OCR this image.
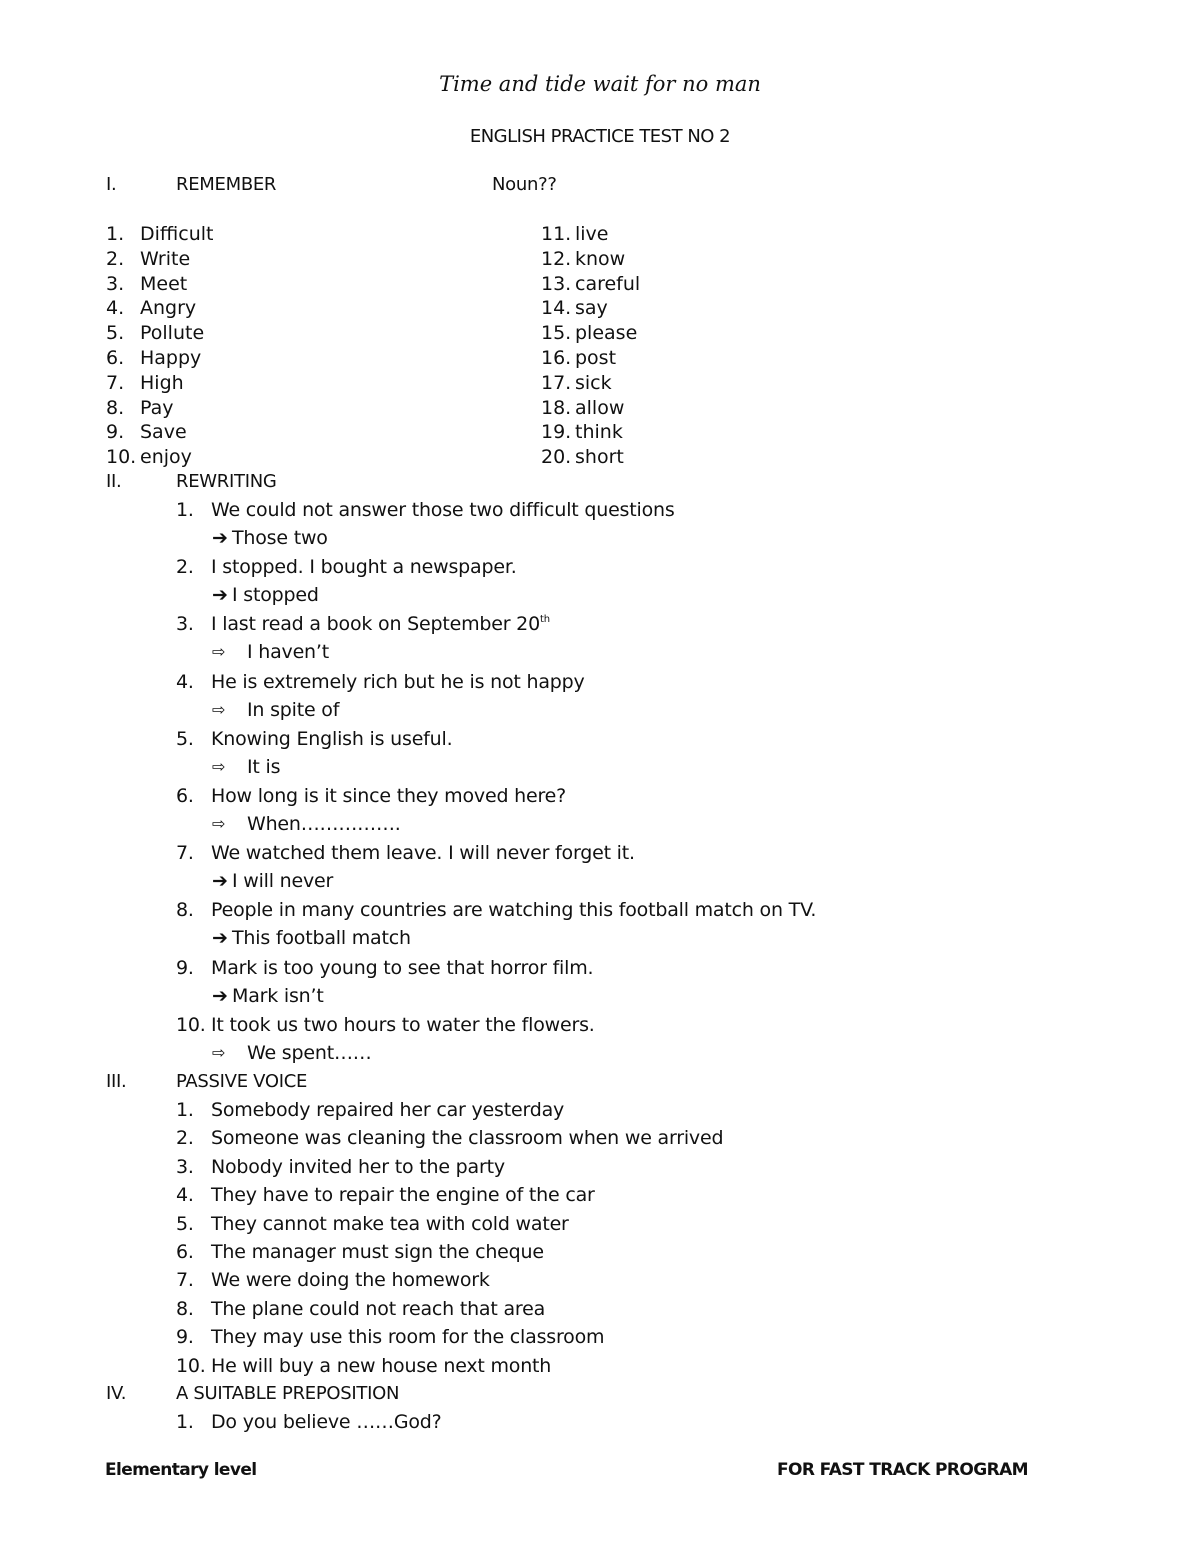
Time and tide wait for no man
ENGLISH PRACTICE TEST NO 2
I.	REMEMBER	Noun??
1. Difficult
2. Write
3. Meet
4. Angry
5. Pollute
6. Happy
7. High
8. Pay
9. Save
10. enjoy
11. live
12. know
13. careful
14. say
15. please
16. post
17. sick
18. allow
19. think
20. short
II.	REWRITING
1. We could not answer those two difficult questions
➔ Those two
2. I stopped. I bought a newspaper.
➔ I stopped
3. I last read a book on September 20th
⇨ I haven’t
4. He is extremely rich but he is not happy
⇨ In spite of
5. Knowing English is useful.
⇨ It is
6. How long is it since they moved here?
⇨ When…………….
7. We watched them leave. I will never forget it.
➔ I will never
8. People in many countries are watching this football match on TV.
➔ This football match
9. Mark is too young to see that horror film.
➔ Mark isn’t
10. It took us two hours to water the flowers.
⇨ We spent……
III.	PASSIVE VOICE
1. Somebody repaired her car yesterday
2. Someone was cleaning the classroom when we arrived
3. Nobody invited her to the party
4. They have to repair the engine of the car
5. They cannot make tea with cold water
6. The manager must sign the cheque
7. We were doing the homework
8. The plane could not reach that area
9. They may use this room for the classroom
10. He will buy a new house next month
IV.	A SUITABLE PREPOSITION
1. Do you believe ……God?
Elementary level	FOR FAST TRACK PROGRAM
